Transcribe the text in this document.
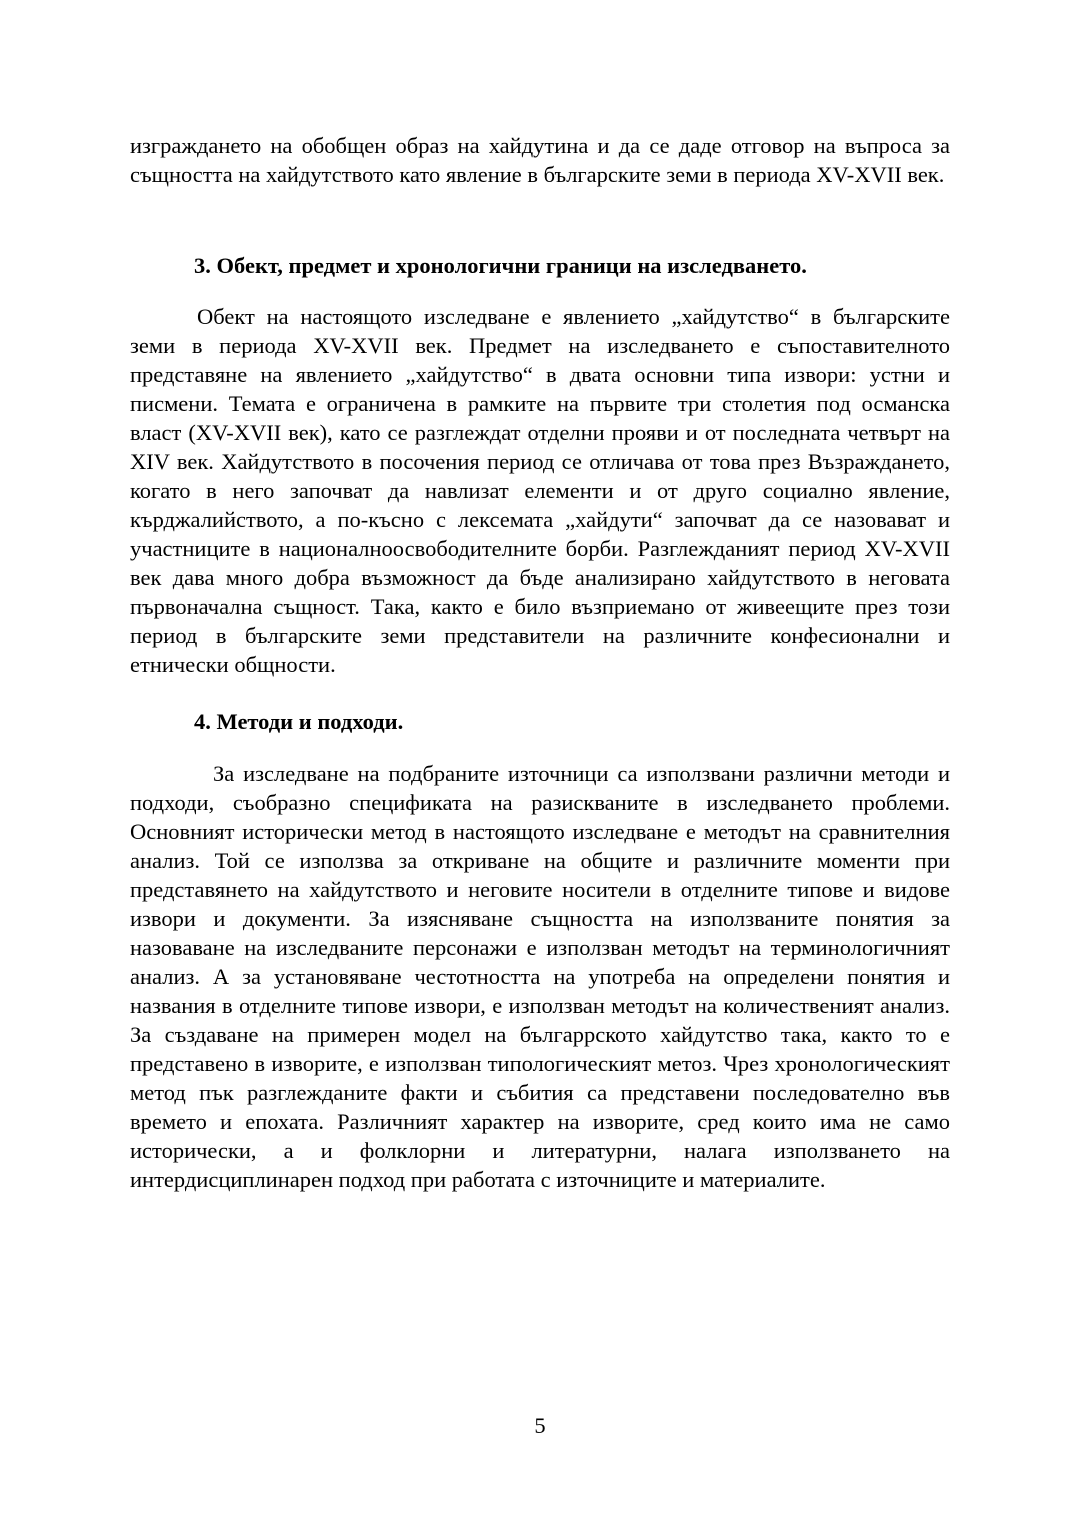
изграждането на обобщен образ на хайдутина и да се даде отговор на въпроса за същността на хайдутството като явление в българските земи в периода XV-XVII век.

3. Обект, предмет и хронологични граници на изследването.

Обект на настоящото изследване е явлението „хайдутство“ в българските земи в периода XV-XVII век. Предмет на изследването е съпоставителното представяне на явлението „хайдутство“ в двата основни типа извори: устни и писмени. Темата е ограничена в рамките на първите три столетия под османска власт (XV-XVII век), като се разглеждат отделни прояви и от последната четвърт на XIV век. Хайдутството в посочения период се отличава от това през Възраждането, когато в него започват да навлизат елементи и от друго социално явление, кърджалийството, а по-късно с лексемата „хайдути“ започват да се назовават и участниците в националноосвободителните борби. Разглежданият период XV-XVII век дава много добра възможност да бъде анализирано хайдутството в неговата първоначална същност. Така, както е било възприемано от живеещите през този период в българските земи представители на различните конфесионални и етнически общности.

4. Методи и подходи.

За изследване на подбраните източници са използвани различни методи и подходи, съобразно спецификата на разискваните в изследването проблеми. Основният исторически метод в настоящото изследване е методът на сравнителния анализ. Той се използва за откриване на общите и различните моменти при представянето на хайдутството и неговите носители в отделните типове и видове извори и документи. За изясняване същността на използваните понятия за назоваване на изследваните персонажи е използван методът на терминологичният анализ. А за установяване честотността на употреба на определени понятия и названия в отделните типове извори, е използван методът на количественият анализ. За създаване на примерен модел на българрското хайдутство така, както то е представено в изворите, е използван типологическият метоз. Чрез хронологическият метод пък разглежданите факти и събития са представени последователно във времето и епохата. Различният характер на изворите, сред които има не само исторически, а и фолклорни и литературни, налага използването на интердисциплинарен подход при работата с източниците и материалите.

5
